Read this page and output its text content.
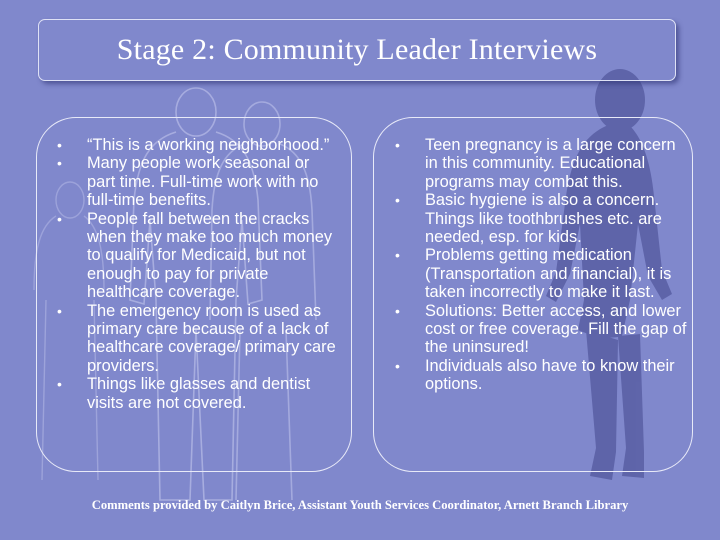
Stage 2: Community Leader Interviews
•	“This is a working neighborhood.”
•	Many people work seasonal or part time. Full-time work with no full-time benefits.
•	People fall between the cracks when they make too much money to qualify for Medicaid, but not enough to pay for private healthcare coverage.
•	The emergency room is used as primary care because of a lack of healthcare coverage/ primary care providers.
•	Things like glasses and dentist visits are not covered.
•	Teen pregnancy is a large concern in this community. Educational programs may combat this.
•	Basic hygiene is also a concern. Things like toothbrushes etc. are needed, esp. for kids.
•	Problems getting medication (Transportation and financial), it is taken incorrectly to make it last.
•	Solutions: Better access, and lower cost or free coverage. Fill the gap of the uninsured!
•	Individuals also have to know their options.
Comments provided by Caitlyn Brice, Assistant Youth Services Coordinator, Arnett Branch Library
